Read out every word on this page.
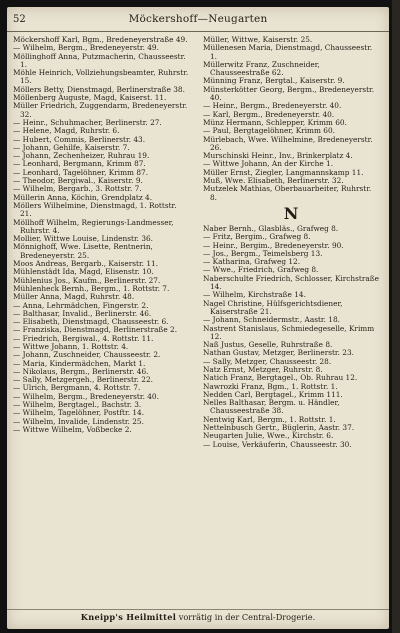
52	Möckershoff—Neugarten
Möckershoff Karl, Bgm., Bredeneyerstraße 49.
— Wilhelm, Bergm., Bredeneyerstr. 49.
Möllinghoff Anna, Putzmacherin, Chausseestr. 1.
Möhle Heinrich, Vollziehungsbeamter, Ruhrstr. 15.
Möllers Betty, Dienstmagd, Berlinerstraße 38.
Möllenberg Auguste, Magd, Kaiserst. 11.
Müller Friedrich, Zuggendarm, Bredeneyerstr. 32.
— Heinr., Schuhmacher, Berlinerstr. 27.
— Helene, Magd, Ruhrstr. 6.
— Hubert, Commis, Berlinerstr. 43.
— Johann, Gehilfe, Kaiserstr. 7.
— Johann, Zechenheizer, Ruhrau 19.
— Leonhard, Bergmann, Krimm 87.
— Leonhard, Tagelöhner, Krimm 87.
— Theodor, Bergiwal., Kaiserstr. 9.
— Wilhelm, Bergarb., 3. Rottstr. 7.
Müllerin Anna, Köchin, Grendplatz 4.
Möllers Wilhelmine, Dienstmagd, 1. Rottstr. 21.
Möllhoff Wilhelm, Regierungs-Landmesser, Ruhrstr. 4.
Mollier, Wittwe Louise, Lindenstr. 36.
Mönnighoff, Wwe. Lisette, Rentnerin, Bredeneyerstr. 25.
Moos Andreas, Bergarb., Kaiserstr. 11.
Mühlenstädt Ida, Magd, Elisenstr. 10.
Mühlenius Jos., Kaufm., Berlinerstr. 27.
Mühlenheck Bernh., Bergm., 1. Rottstr. 7.
Müller Anna, Magd, Ruhrstr. 48.
— Anna, Lehrmädchen, Fingerstr. 2.
— Balthasar, Invalid., Berlinerstr. 46.
— Elisabeth, Dienstmagd, Chausseestr. 6.
— Franziska, Dienstmagd, Berlinerstraße 2.
— Friedrich, Bergiwal., 4. Rottstr. 11.
— Wittwe Johann, 1. Rottstr. 4.
— Johann, Zuschneider, Chausseestr. 2.
— Maria, Kindermädchen, Markt 1.
— Nikolaus, Bergm., Berlinerstr. 46.
— Sally, Metzgergeh., Berlinerstr. 22.
— Ulrich, Bergmann, 4. Rottstr. 7.
— Wilhelm, Bergm., Bredeneyerstr. 40.
— Wilhelm, Bergtagel., Bachstr. 3.
— Wilhelm, Tagelöhner, Postftr. 14.
— Wilhelm, Invalide, Lindenstr. 25.
— Wittwe Wilhelm, Voßbecke 2.
Müller, Wittwe, Kaiserstr. 25.
Müllenesen Maria, Dienstmagd, Chausseestr. 1.
Müllerwitz Franz, Zuschneider, Chausseestraße 62.
Münning Franz, Bergtal., Kaiserstr. 9.
Münsterkötter Georg, Bergm., Bredeneyerstr. 40.
— Heinr., Bergm., Bredeneyerstr. 40.
— Karl, Bergm., Bredeneyerstr. 40.
Münz Hermann, Schlepper, Krimm 60.
— Paul, Bergtagelöhner, Krimm 60.
Mürlebach, Wwe. Wilhelmine, Bredeneyerstr. 26.
Murschinski Heinr., Inv., Brinkerplatz 4.
— Wittwe Johann, An der Kirche 1.
Müller Ernst, Ziegler, Langmannskamp 11.
Muß, Wwe. Elisabeth, Berlinerstr. 32.
Mutzelek Mathias, Oberbauarbeiter, Ruhrstr. 8.
N
Naber Bernh., Glasbläs., Grafweg 8.
— Fritz, Bergim., Grafweg 8.
— Heinr., Bergim., Bredeneyerstr. 90.
— Jos., Bergm., Teimelsberg 13.
— Katharina, Grafweg 12.
— Wwe., Friedrich, Grafweg 8.
Naberschulte Friedrich, Schlosser, Kirchstraße 14.
— Wilhelm, Kirchstraße 14.
Nagel Christine, Hülfsgerichtsdiener, Kaiserstraße 21.
— Johann, Schneidermstr., Aastr. 18.
Nastrent Stanislaus, Schmiedegeselle, Krimm 12.
Naß Justus, Geselle, Ruhrstraße 8.
Nathan Gustav, Metzger, Berlinerstr. 23.
— Sally, Metzger, Chausseestr. 28.
Natz Ernst, Metzger, Ruhrstr. 8.
Natich Franz, Bergtagel., Ob. Ruhrau 12.
Nawrozki Franz, Bgm., 1. Rottstr. 1.
Nedden Carl, Bergtagel., Krimm 111.
Nelles Balthasar, Bergm. u. Händler, Chausseestraße 38.
Nentwig Karl, Bergm., 1. Rottstr. 1.
Nettelnbusch Gertr., Büglerin, Aastr. 37.
Neugarten Julie, Wwe., Kirchstr. 6.
— Louise, Verkäuferin, Chausseestr. 30.
Kneipp's Heilmittel vorrätig in der Central-Drogerie.
